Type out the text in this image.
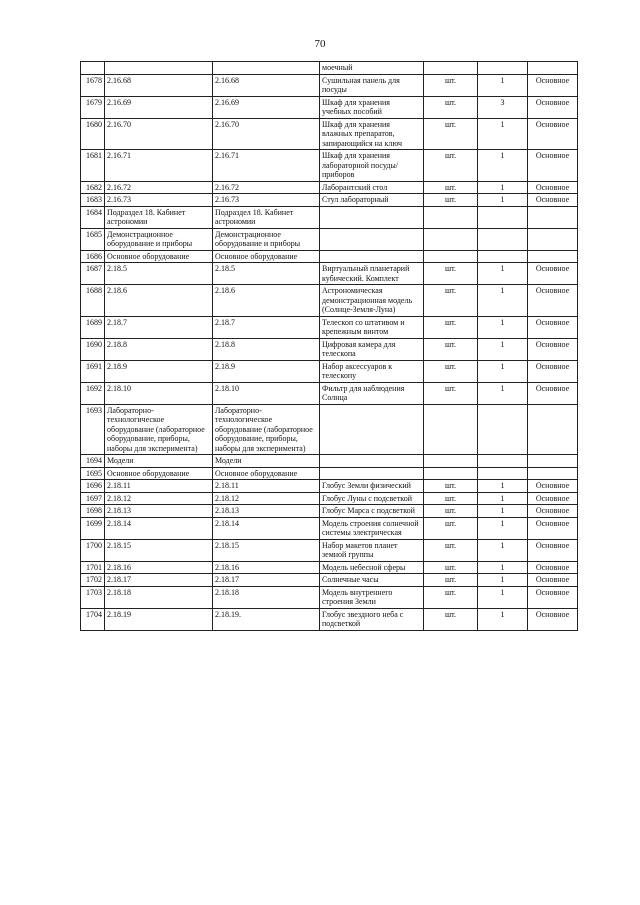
70
			моечный			
1678	2.16.68	2.16.68	Сушильная панель для посуды	шт.	1	Основное
1679	2.16.69	2.16.69	Шкаф для хранения учебных пособий	шт.	3	Основное
1680	2.16.70	2.16.70	Шкаф для хранения влажных препаратов, запирающийся на ключ	шт.	1	Основное
1681	2.16.71	2.16.71	Шкаф для хранения лабораторной посуды/приборов	шт.	1	Основное
1682	2.16.72	2.16.72	Лаборантский стол	шт.	1	Основное
1683	2.16.73	2.16.73	Стул лабораторный	шт.	1	Основное
1684	Подраздел 18. Кабинет астрономии	Подраздел 18. Кабинет астрономии				
1685	Демонстрационное оборудование и приборы	Демонстрационное оборудование и приборы				
1686	Основное оборудование	Основное оборудование				
1687	2.18.5	2.18.5	Виртуальный планетарий кубический. Комплект	шт.	1	Основное
1688	2.18.6	2.18.6	Астрономическая демонстрационная модель (Солнце-Земля-Луна)	шт.	1	Основное
1689	2.18.7	2.18.7	Телескоп со штативом и крепежным винтом	шт.	1	Основное
1690	2.18.8	2.18.8	Цифровая камера для телескопа	шт.	1	Основное
1691	2.18.9	2.18.9	Набор аксессуаров к телескопу	шт.	1	Основное
1692	2.18.10	2.18.10	Фильтр для наблюдения Солнца	шт.	1	Основное
1693	Лабораторно-технологическое оборудование (лабораторное оборудование, приборы, наборы для эксперимента)	Лабораторно-технологическое оборудование (лабораторное оборудование, приборы, наборы для эксперимента)				
1694	Модели	Модели				
1695	Основное оборудование	Основное оборудование				
1696	2.18.11	2.18.11	Глобус Земли физический	шт.	1	Основное
1697	2.18.12	2.18.12	Глобус Луны с подсветкой	шт.	1	Основное
1698	2.18.13	2.18.13	Глобус Марса с подсветкой	шт.	1	Основное
1699	2.18.14	2.18.14	Модель строения солнечной системы электрическая	шт.	1	Основное
1700	2.18.15	2.18.15	Набор макетов планет земной группы	шт.	1	Основное
1701	2.18.16	2.18.16	Модель небесной сферы	шт.	1	Основное
1702	2.18.17	2.18.17	Солнечные часы	шт.	1	Основное
1703	2.18.18	2.18.18	Модель внутреннего строения Земли	шт.	1	Основное
1704	2.18.19	2.18.19.	Глобус звездного неба с подсветкой	шт.	1	Основное
